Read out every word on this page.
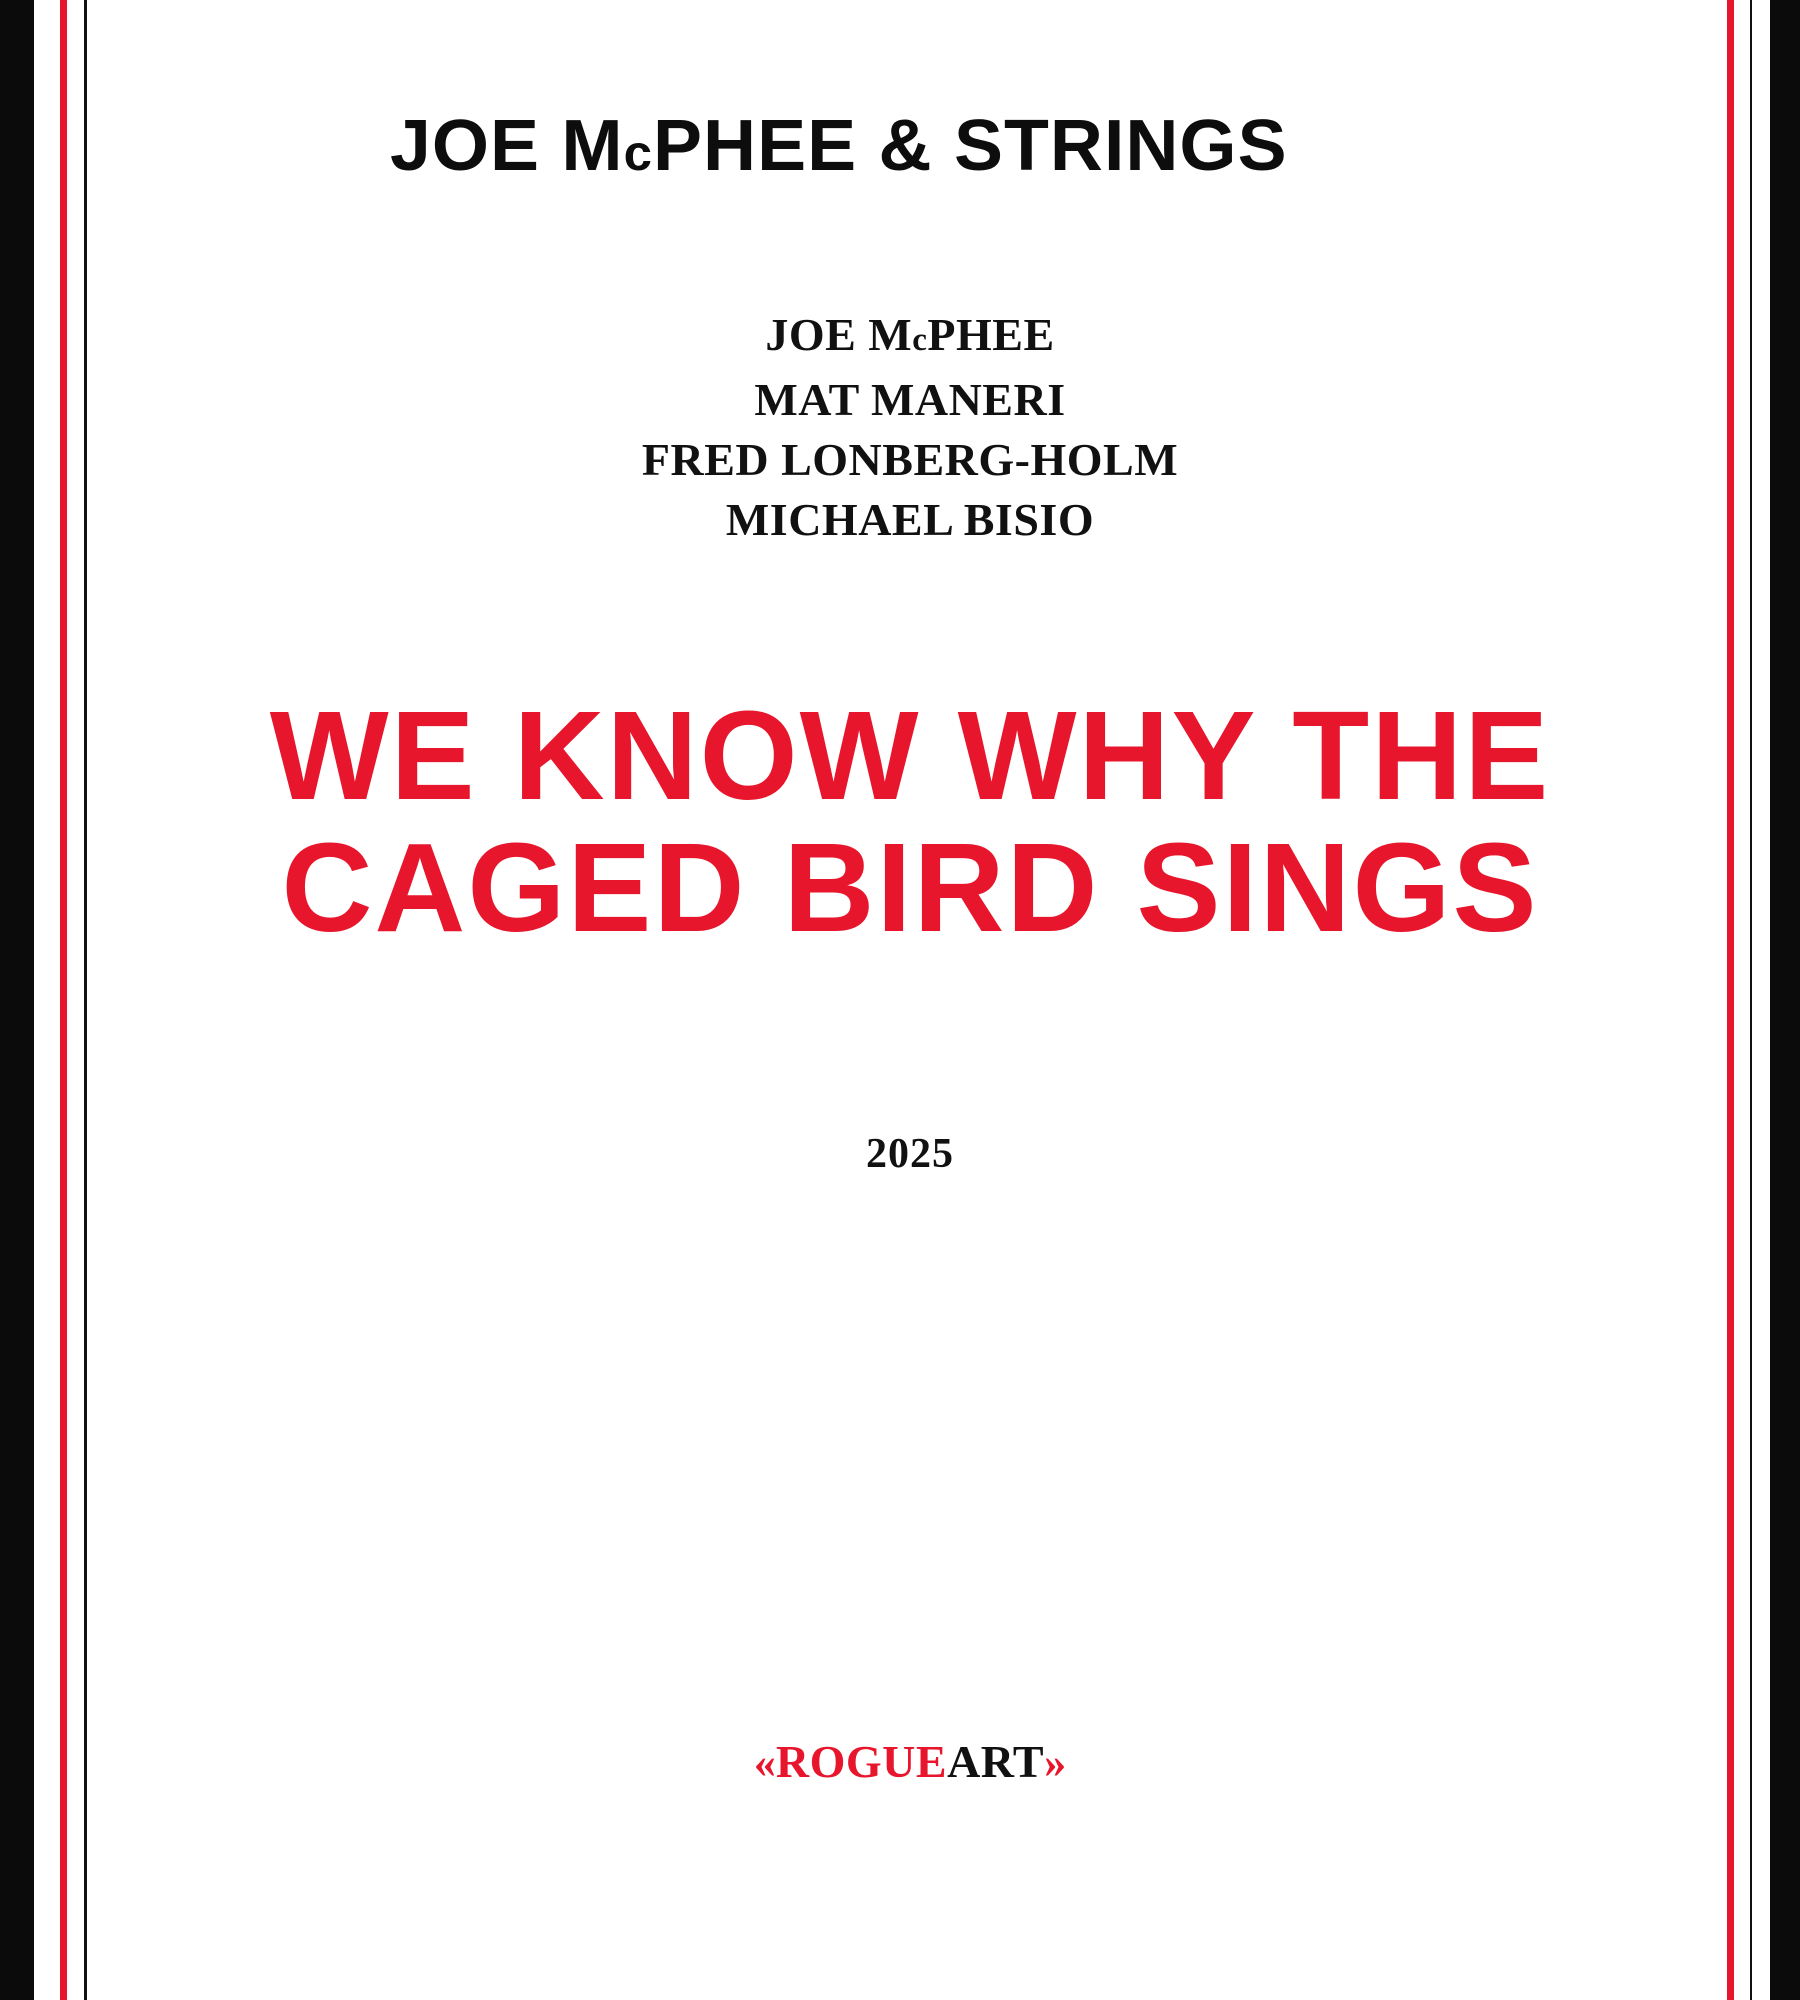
JOE McPHEE & STRINGS
JOE McPHEE
MAT MANERI
FRED LONBERG-HOLM
MICHAEL BISIO
WE KNOW WHY THE
CAGED BIRD SINGS
2025
«ROGUEART»
